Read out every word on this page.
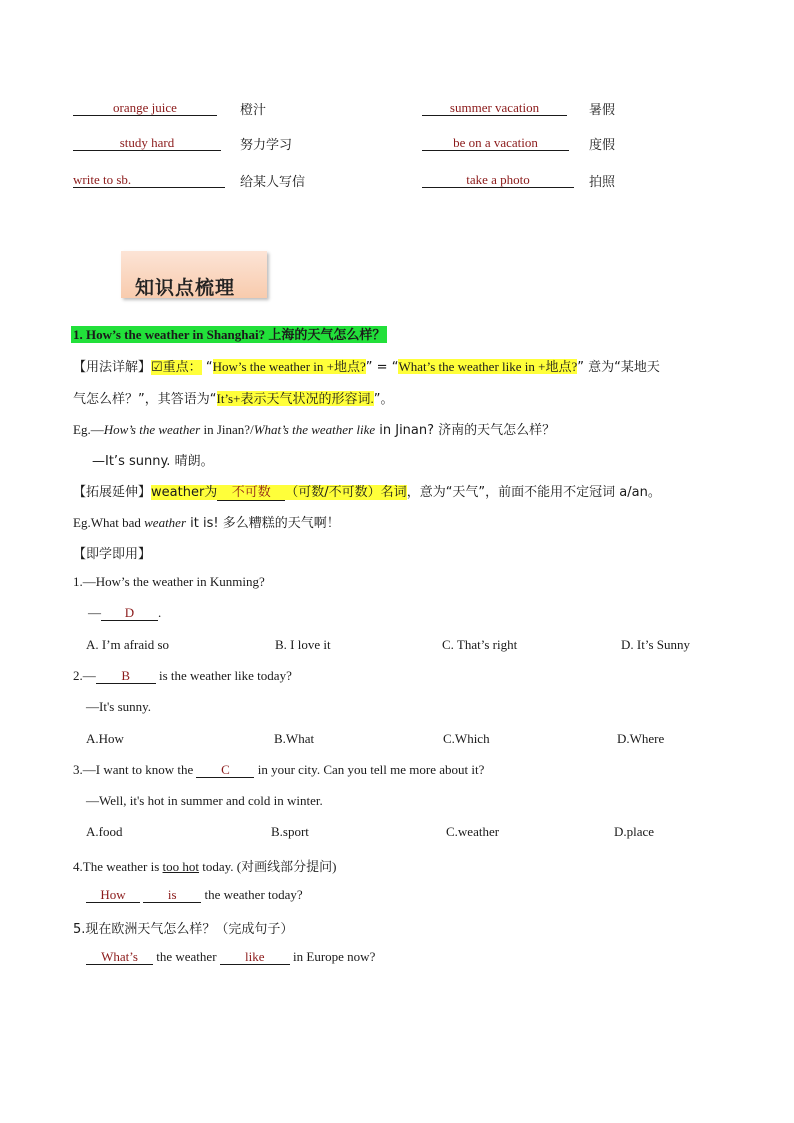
orange juice	橙汁	summer vacation	暑假
study hard	努力学习	be on a vacation	度假
write to sb.	给某人写信	take a photo	拍照
知识点梳理
1. How’s the weather in Shanghai? 上海的天气怎么样？
【用法详解】☑重点： “How’s the weather in +地点?” = “What’s the weather like in +地点?” 意为“某地天
气怎么样？”，其答语为“It’s+表示天气状况的形容词.”。
Eg.—How’s the weather in Jinan?/What’s the weather like in Jinan? 济南的天气怎么样？
—It’s sunny. 晴朗。
【拓展延伸】weather为 不可数 （可数/不可数）名词，意为“天气”，前面不能用不定冠词 a/an。
Eg.What bad weather it is! 多么糟糕的天气啊！
【即学即用】
1.—How’s the weather in Kunming?
— D .
A. I’m afraid so	B. I love it	C. That’s right	D. It’s Sunny
2.— B is the weather like today?
—It's sunny.
A.How	B.What	C.Which	D.Where
3.—I want to know the C in your city. Can you tell me more about it?
—Well, it's hot in summer and cold in winter.
A.food	B.sport	C.weather	D.place
4.The weather is too hot today. (对画线部分提问)
How	is the weather today?
5.现在欧洲天气怎么样？（完成句子）
What’s the weather like in Europe now?
